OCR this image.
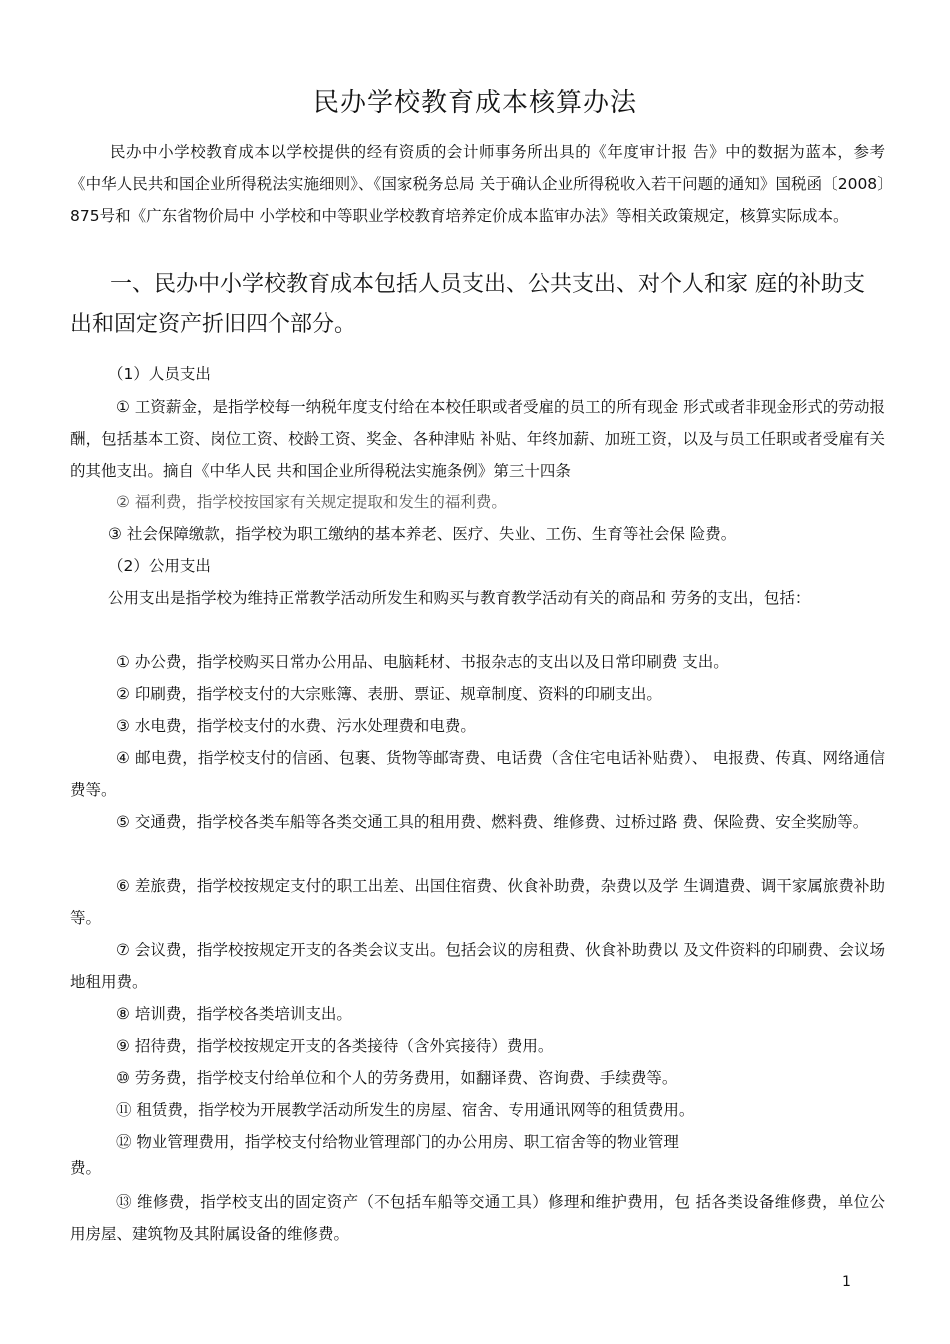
民办学校教育成本核算办法

民办中小学校教育成本以学校提供的经有资质的会计师事务所出具的《年度审计报 告》中的数据为蓝本，参考《中华人民共和国企业所得税法实施细则》、《国家税务总局 关于确认企业所得税收入若干问题的通知》国税函〔2008〕875号和《广东省物价局中 小学校和中等职业学校教育培养定价成本监审办法》等相关政策规定，核算实际成本。

一、民办中小学校教育成本包括人员支出、公共支出、对个人和家 庭的补助支出和固定资产折旧四个部分。

（1）人员支出

① 工资薪金，是指学校每一纳税年度支付给在本校任职或者受雇的员工的所有现金 形式或者非现金形式的劳动报酬，包括基本工资、岗位工资、校龄工资、奖金、各种津贴 补贴、年终加薪、加班工资，以及与员工任职或者受雇有关的其他支出。摘自《中华人民 共和国企业所得税法实施条例》第三十四条

② 福利费，指学校按国家有关规定提取和发生的福利费。

③ 社会保障缴款，指学校为职工缴纳的基本养老、医疗、失业、工伤、生育等社会保 险费。

（2）公用支出

公用支出是指学校为维持正常教学活动所发生和购买与教育教学活动有关的商品和 劳务的支出，包括：

① 办公费，指学校购买日常办公用品、电脑耗材、书报杂志的支出以及日常印刷费 支出。

② 印刷费，指学校支付的大宗账簿、表册、票证、规章制度、资料的印刷支出。

③ 水电费，指学校支付的水费、污水处理费和电费。

④ 邮电费，指学校支付的信函、包裹、货物等邮寄费、电话费（含住宅电话补贴费）、 电报费、传真、网络通信费等。

⑤ 交通费，指学校各类车船等各类交通工具的租用费、燃料费、维修费、过桥过路 费、保险费、安全奖励等。

⑥ 差旅费，指学校按规定支付的职工出差、出国住宿费、伙食补助费，杂费以及学 生调遣费、调干家属旅费补助等。

⑦ 会议费，指学校按规定开支的各类会议支出。包括会议的房租费、伙食补助费以 及文件资料的印刷费、会议场地租用费。

⑧ 培训费，指学校各类培训支出。

⑨ 招待费，指学校按规定开支的各类接待（含外宾接待）费用。

⑩ 劳务费，指学校支付给单位和个人的劳务费用，如翻译费、咨询费、手续费等。

⑪ 租赁费，指学校为开展教学活动所发生的房屋、宿舍、专用通讯网等的租赁费用。

⑫ 物业管理费用，指学校支付给物业管理部门的办公用房、职工宿舍等的物业管理

费。

⑬ 维修费，指学校支出的固定资产（不包括车船等交通工具）修理和维护费用，包 括各类设备维修费，单位公用房屋、建筑物及其附属设备的维修费。

1
